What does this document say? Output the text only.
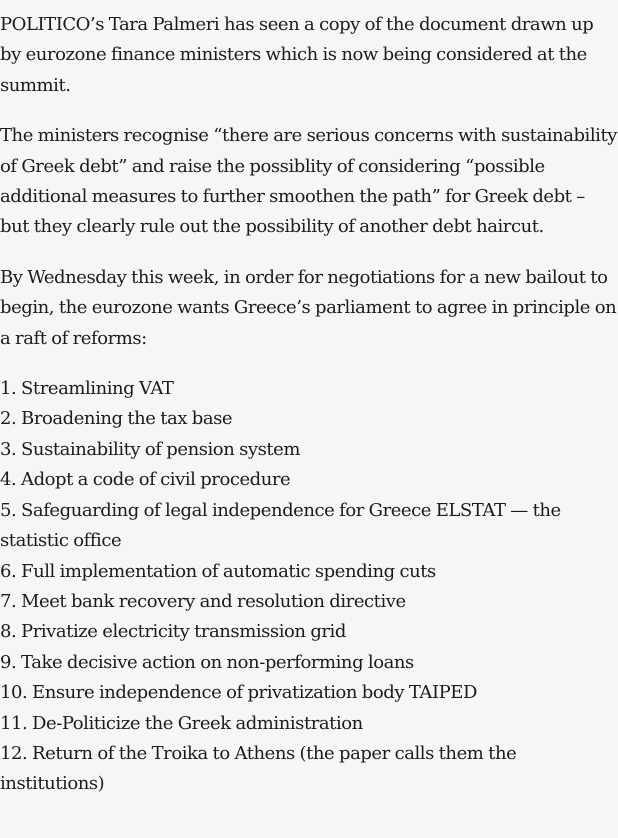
POLITICO’s Tara Palmeri has seen a copy of the document drawn up by eurozone finance ministers which is now being considered at the summit.

The ministers recognise “there are serious concerns with sustainability of Greek debt” and raise the possiblity of considering “possible additional measures to further smoothen the path” for Greek debt – but they clearly rule out the possibility of another debt haircut.

By Wednesday this week, in order for negotiations for a new bailout to begin, the eurozone wants Greece’s parliament to agree in principle on a raft of reforms:

1. Streamlining VAT
2. Broadening the tax base
3. Sustainability of pension system
4. Adopt a code of civil procedure
5. Safeguarding of legal independence for Greece ELSTAT — the statistic office
6. Full implementation of automatic spending cuts
7. Meet bank recovery and resolution directive
8. Privatize electricity transmission grid
9. Take decisive action on non-performing loans
10. Ensure independence of privatization body TAIPED
11. De-Politicize the Greek administration
12. Return of the Troika to Athens (the paper calls them the institutions)
